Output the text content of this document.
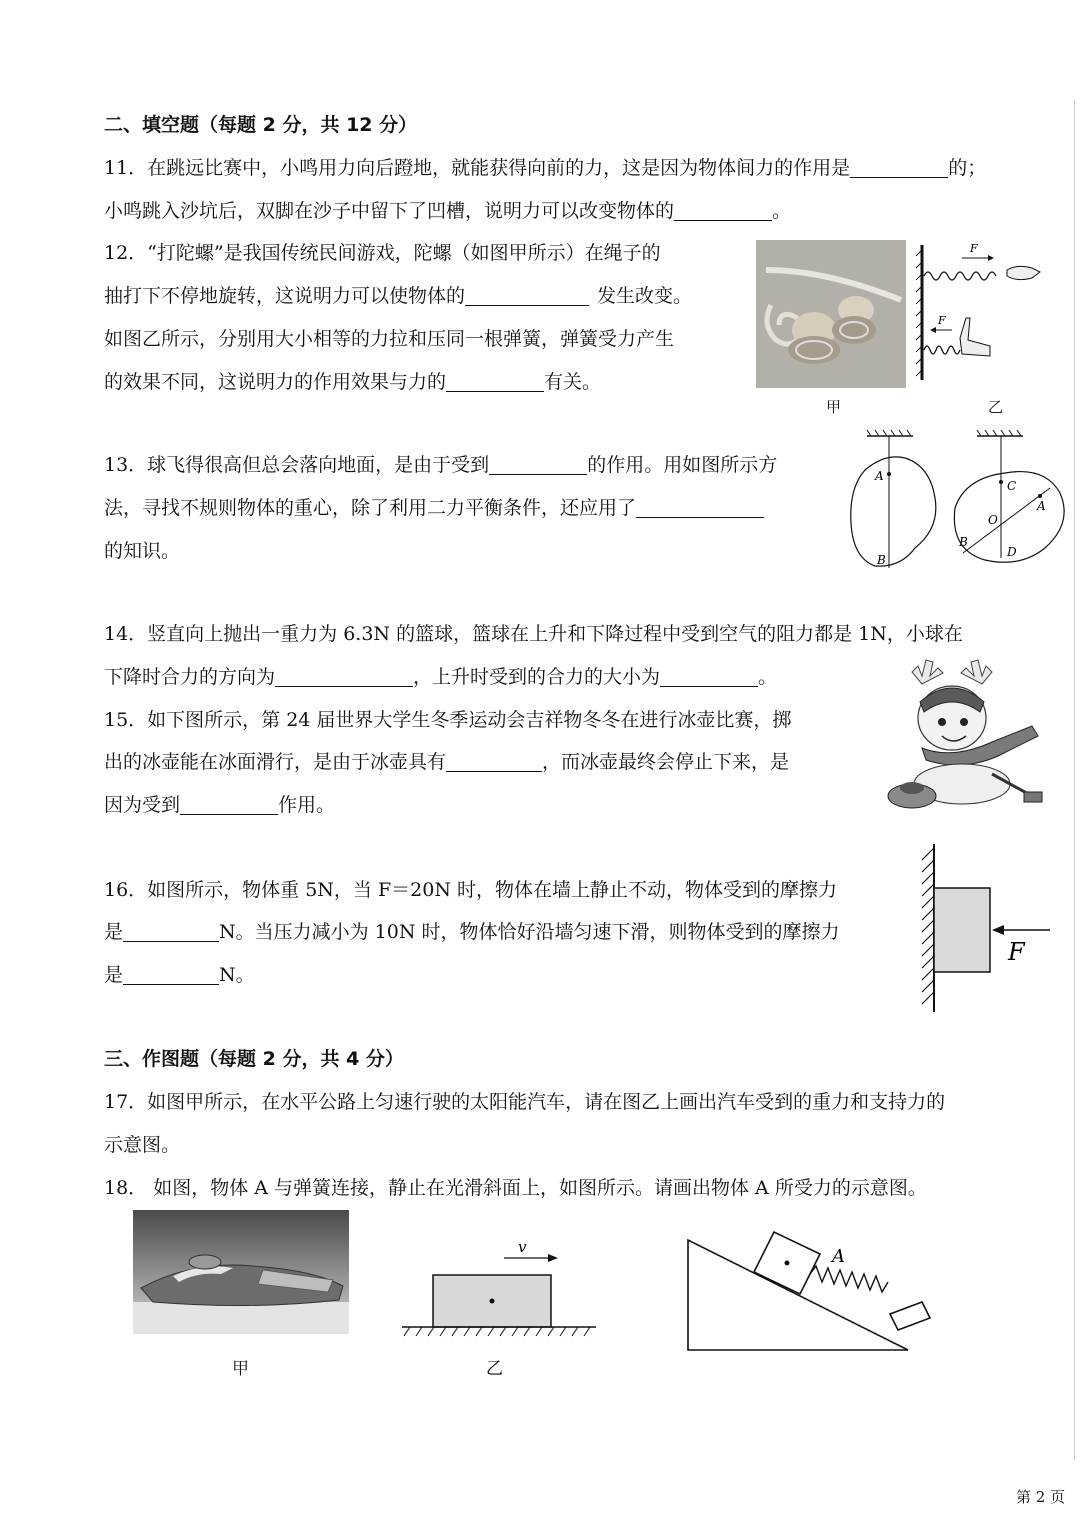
二、填空题（每题 2 分，共 12 分）
11．在跳远比赛中，小鸣用力向后蹬地，就能获得向前的力，这是因为物体间力的作用是	的；
小鸣跳入沙坑后，双脚在沙子中留下了凹槽，说明力可以改变物体的	。
12．“打陀螺”是我国传统民间游戏，陀螺（如图甲所示）在绳子的
抽打下不停地旋转，这说明力可以使物体的	发生改变。
如图乙所示，分别用大小相等的力拉和压同一根弹簧，弹簧受力产生
的效果不同，这说明力的作用效果与力的	有关。
甲
F
F
乙
13．球飞得很高但总会落向地面，是由于受到	的作用。用如图所示方
法，寻找不规则物体的重心，除了利用二力平衡条件，还应用了
的知识。
A
B
C
A
O
B
D
14．竖直向上抛出一重力为 6.3N 的篮球，篮球在上升和下降过程中受到空气的阻力都是 1N，小球在
下降时合力的方向为	，上升时受到的合力的大小为	。
15．如下图所示，第 24 届世界大学生冬季运动会吉祥物冬冬在进行冰壶比赛，掷
出的冰壶能在冰面滑行，是由于冰壶具有	，而冰壶最终会停止下来，是
因为受到	作用。
16．如图所示，物体重 5N，当 F＝20N 时，物体在墙上静止不动，物体受到的摩擦力
是	N。当压力减小为 10N 时，物体恰好沿墙匀速下滑，则物体受到的摩擦力
是	N。
F
三、作图题（每题 2 分，共 4 分）
17．如图甲所示，在水平公路上匀速行驶的太阳能汽车，请在图乙上画出汽车受到的重力和支持力的
示意图。
18． 如图，物体 A 与弹簧连接，静止在光滑斜面上，如图所示。请画出物体 A 所受力的示意图。
甲
v
乙
A
第 2 页
